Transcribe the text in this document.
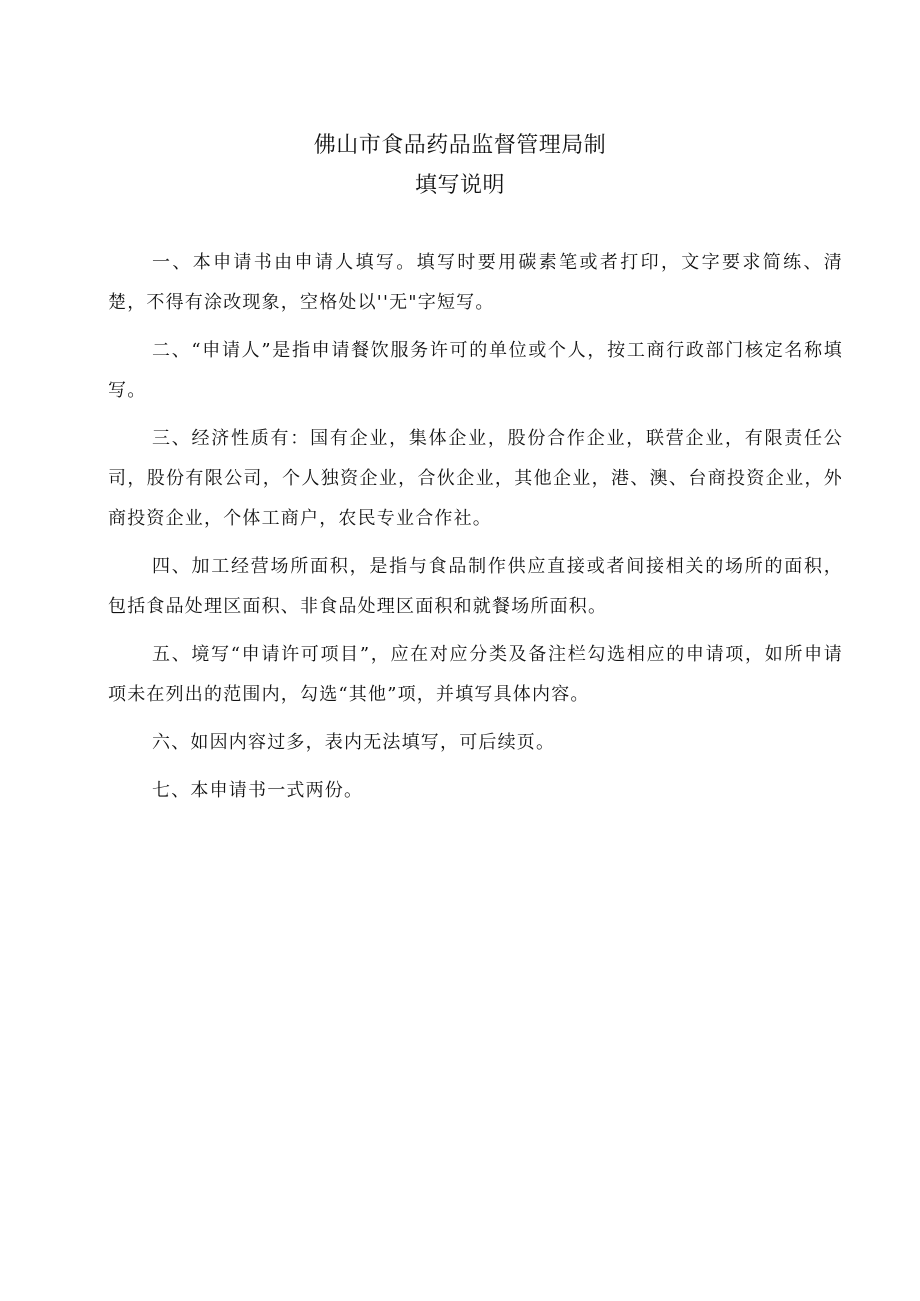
佛山市食品药品监督管理局制
填写说明

一、本申请书由申请人填写。填写时要用碳素笔或者打印，文字要求简练、清楚，不得有涂改现象，空格处以''无"字短写。

二、“申请人”是指申请餐饮服务许可的单位或个人，按工商行政部门核定名称填写。

三、经济性质有：国有企业，集体企业，股份合作企业，联营企业，有限责任公司，股份有限公司，个人独资企业，合伙企业，其他企业，港、澳、台商投资企业，外商投资企业，个体工商户，农民专业合作社。

四、加工经营场所面积，是指与食品制作供应直接或者间接相关的场所的面积，包括食品处理区面积、非食品处理区面积和就餐场所面积。

五、境写“申请许可项目”，应在对应分类及备注栏勾选相应的申请项，如所申请项未在列出的范围内，勾选“其他”项，并填写具体内容。

六、如因内容过多，表内无法填写，可后续页。

七、本申请书一式两份。
